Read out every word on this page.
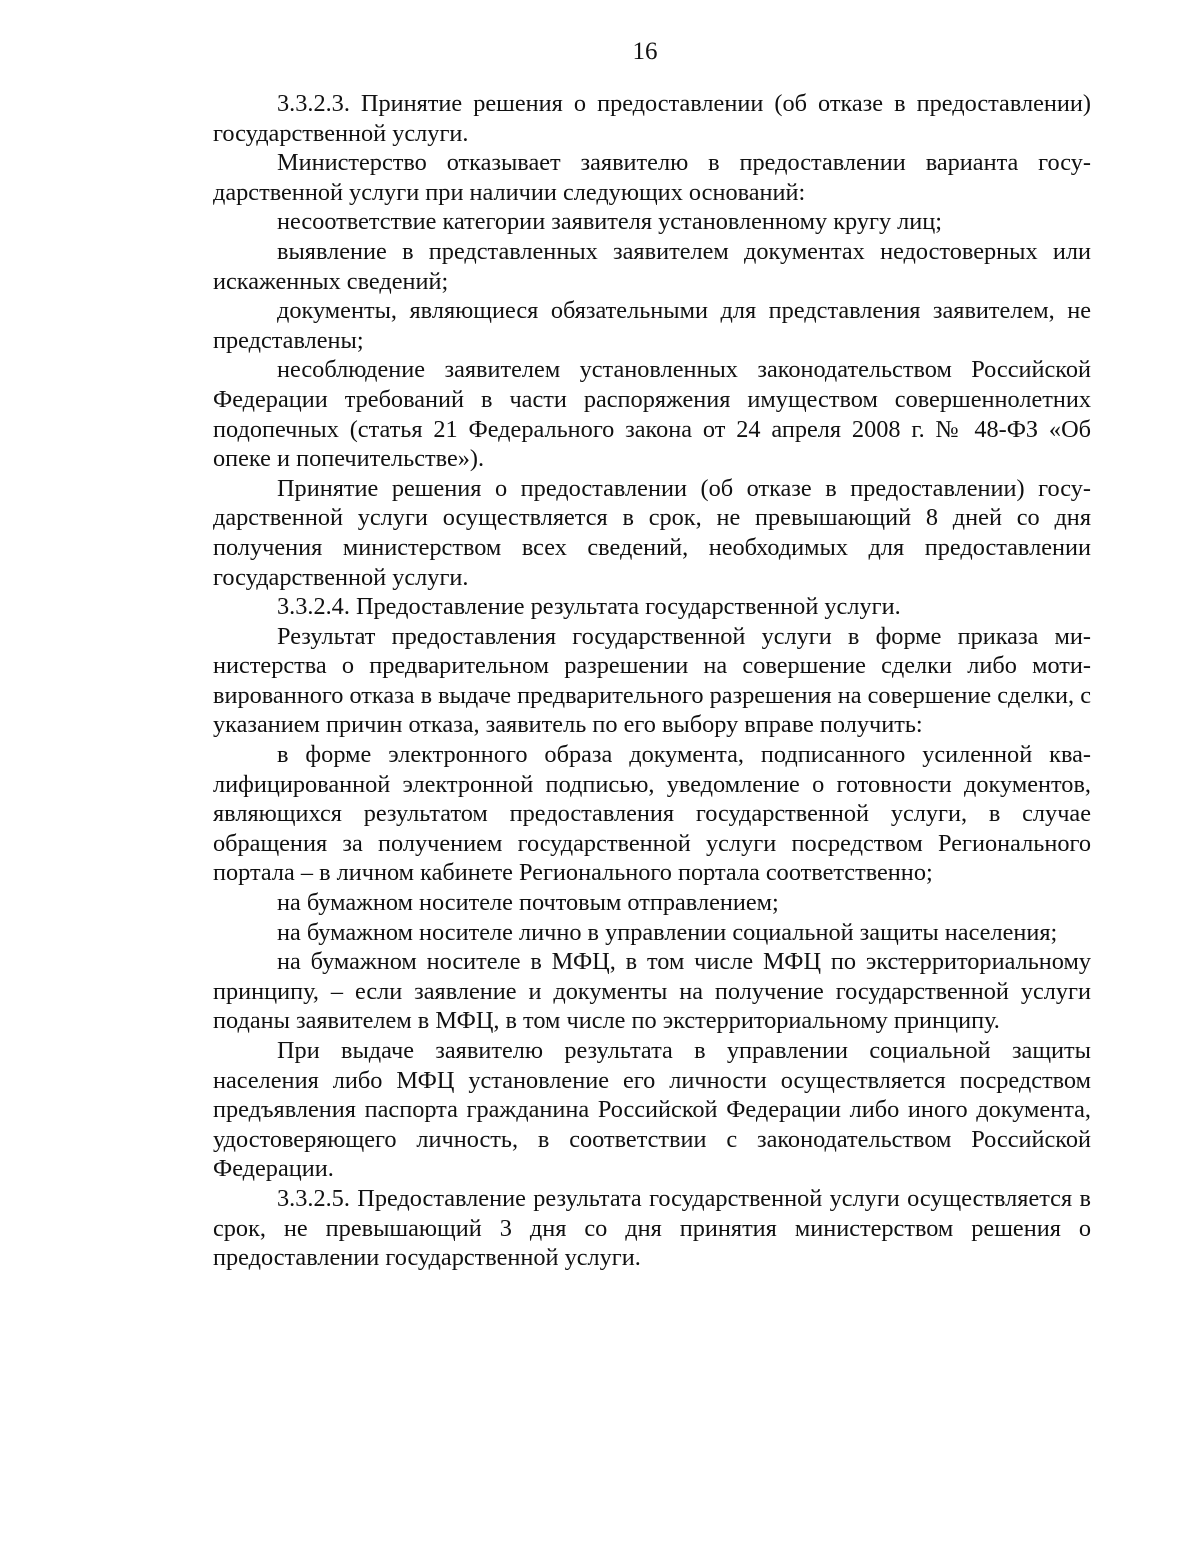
16

3.3.2.3. Принятие решения о предоставлении (об отказе в предоставлении) государственной услуги.

Министерство отказывает заявителю в предоставлении варианта государственной услуги при наличии следующих оснований:

несоответствие категории заявителя установленному кругу лиц;

выявление в представленных заявителем документах недостоверных или искаженных сведений;

документы, являющиеся обязательными для представления заявителем, не представлены;

несоблюдение заявителем установленных законодательством Российской Федерации требований в части распоряжения имуществом совершеннолетних подопечных (статья 21 Федерального закона от 24 апреля 2008 г. № 48-ФЗ «Об опеке и попечительстве»).

Принятие решения о предоставлении (об отказе в предоставлении) государственной услуги осуществляется в срок, не превышающий 8 дней со дня получения министерством всех сведений, необходимых для предоставлении государственной услуги.

3.3.2.4. Предоставление результата государственной услуги.

Результат предоставления государственной услуги в форме приказа министерства о предварительном разрешении на совершение сделки либо мотивированного отказа в выдаче предварительного разрешения на совершение сделки, с указанием причин отказа, заявитель по его выбору вправе получить:

в форме электронного образа документа, подписанного усиленной квалифицированной электронной подписью, уведомление о готовности документов, являющихся результатом предоставления государственной услуги, в случае обращения за получением государственной услуги посредством Регионального портала – в личном кабинете Регионального портала соответственно;

на бумажном носителе почтовым отправлением;

на бумажном носителе лично в управлении социальной защиты населения;

на бумажном носителе в МФЦ, в том числе МФЦ по экстерриториальному принципу, – если заявление и документы на получение государственной услуги поданы заявителем в МФЦ, в том числе по экстерриториальному принципу.

При выдаче заявителю результата в управлении социальной защиты населения либо МФЦ установление его личности осуществляется посредством предъявления паспорта гражданина Российской Федерации либо иного документа, удостоверяющего личность, в соответствии с законодательством Российской Федерации.

3.3.2.5. Предоставление результата государственной услуги осуществляется в срок, не превышающий 3 дня со дня принятия министерством решения о предоставлении государственной услуги.
